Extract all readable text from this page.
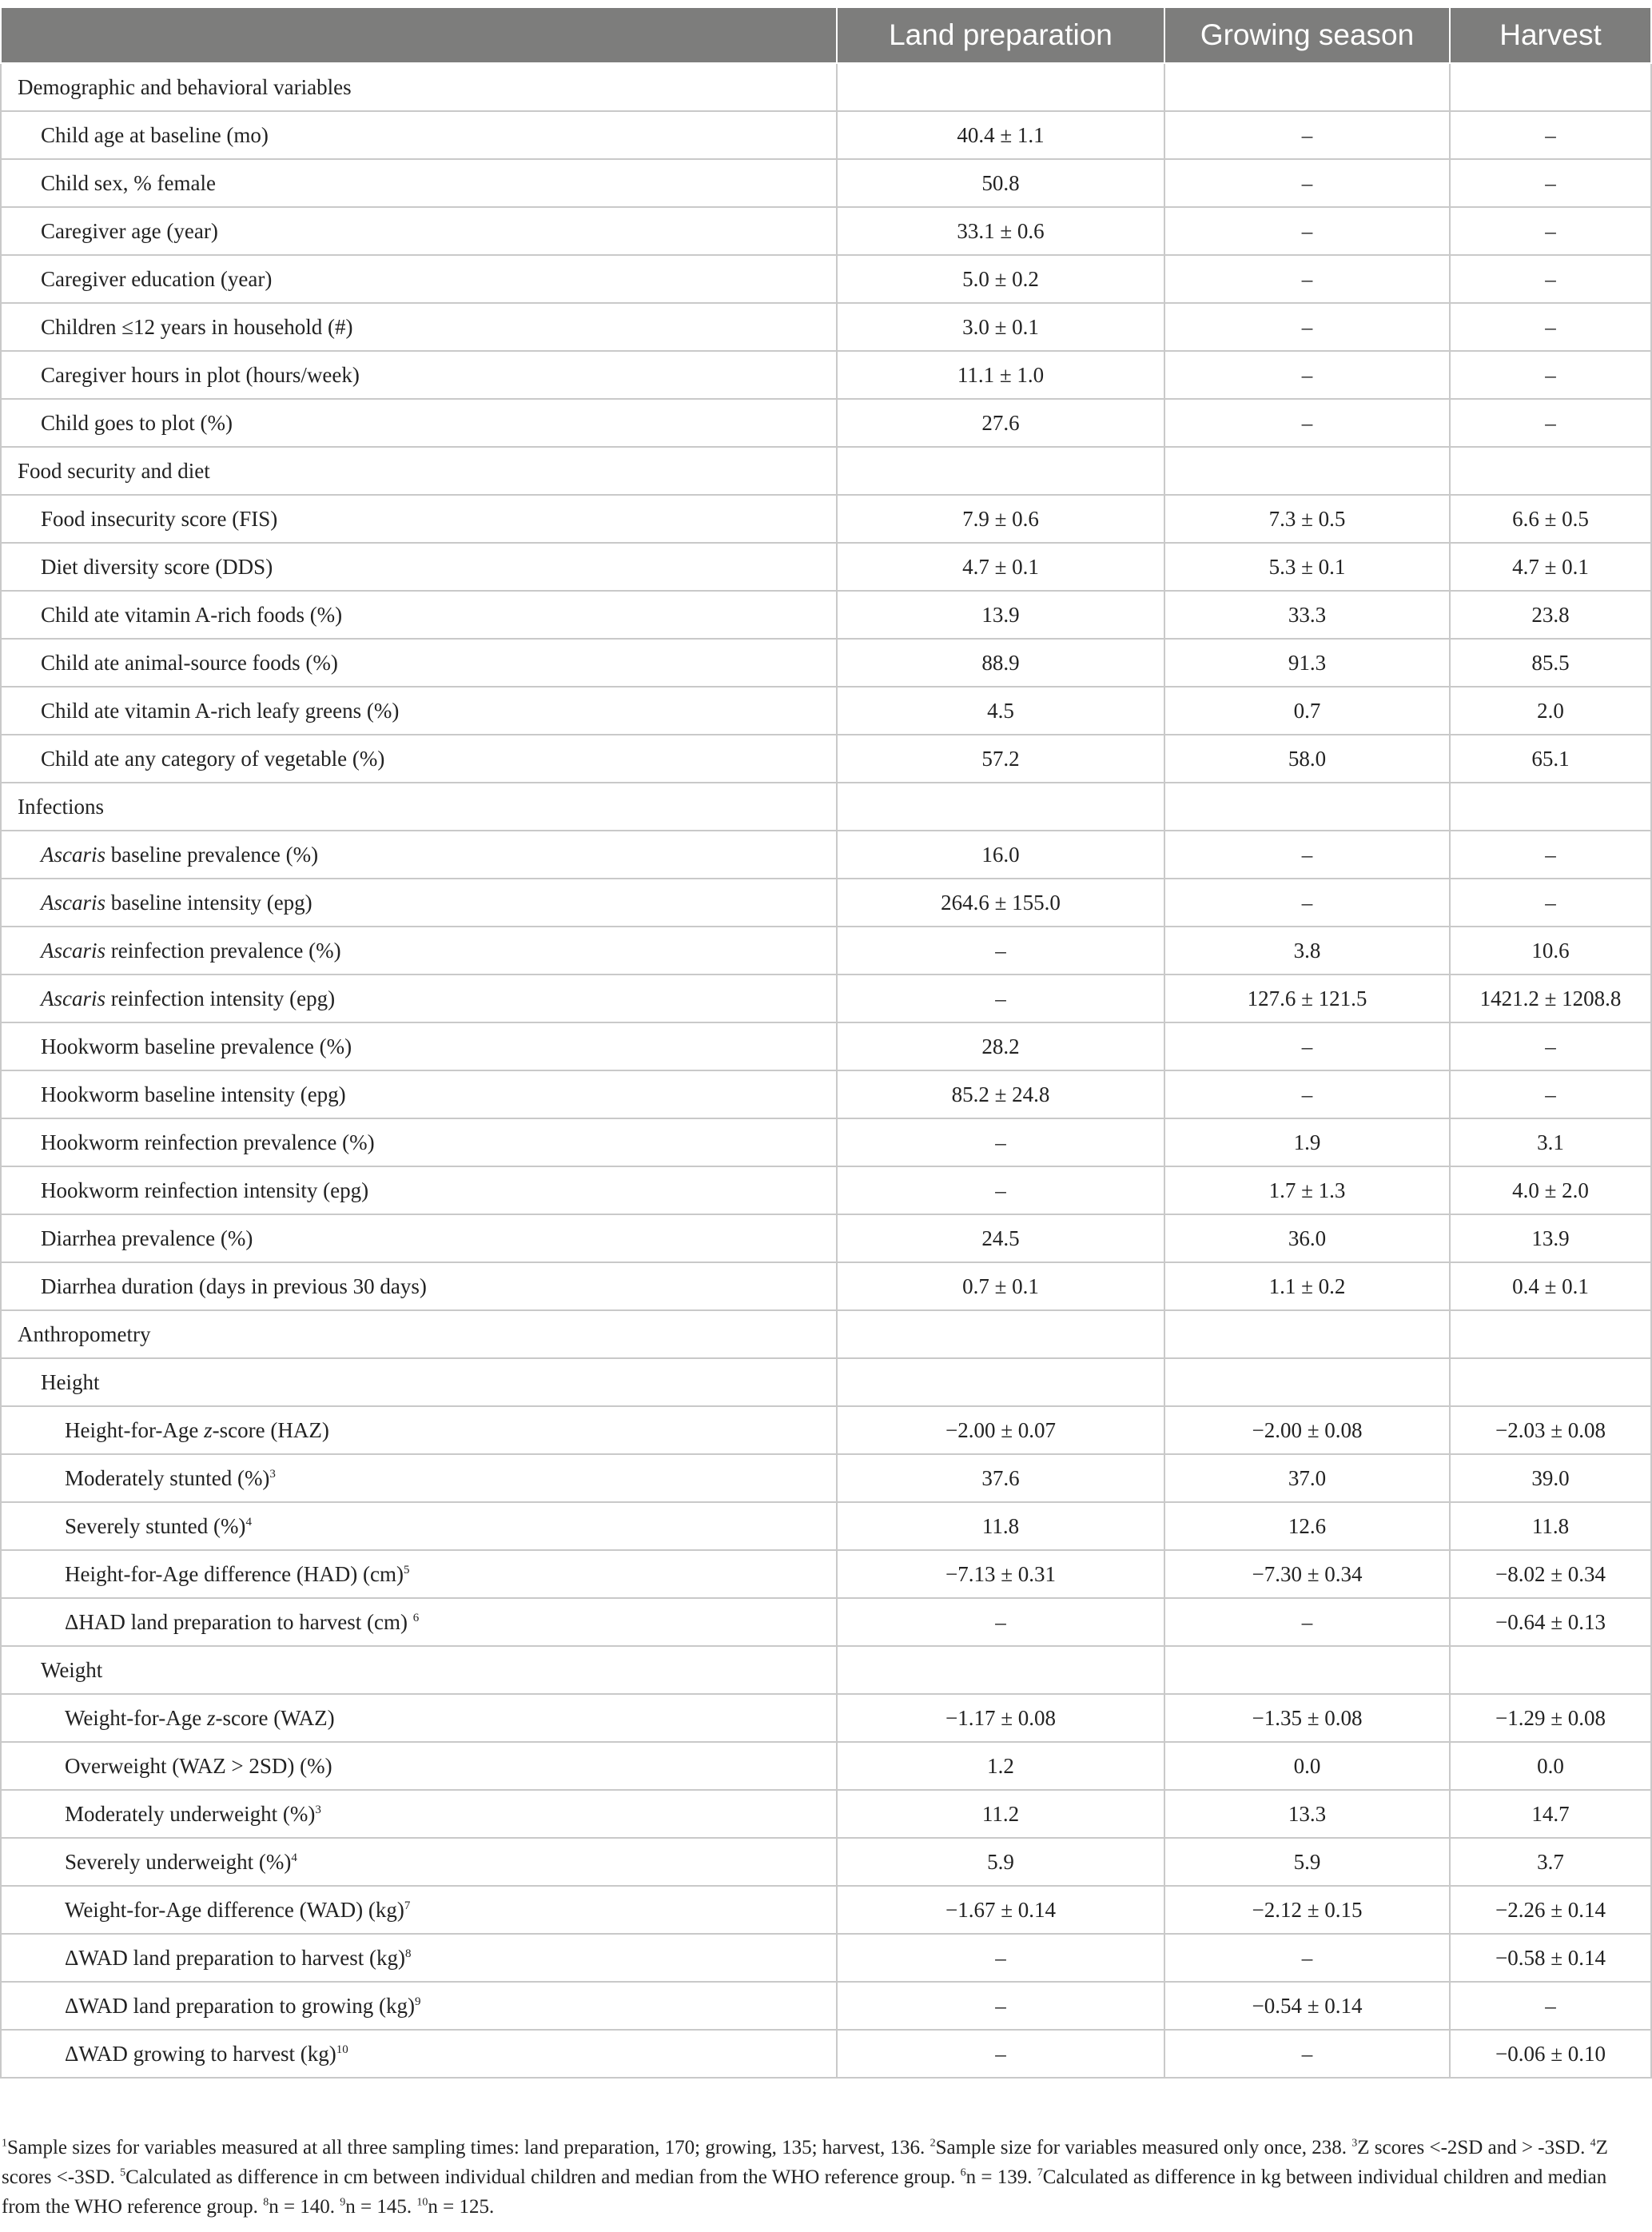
	Land preparation	Growing season	Harvest
Demographic and behavioral variables			
Child age at baseline (mo)	40.4 ± 1.1	–	–
Child sex, % female	50.8	–	–
Caregiver age (year)	33.1 ± 0.6	–	–
Caregiver education (year)	5.0 ± 0.2	–	–
Children ≤12 years in household (#)	3.0 ± 0.1	–	–
Caregiver hours in plot (hours/week)	11.1 ± 1.0	–	–
Child goes to plot (%)	27.6	–	–
Food security and diet			
Food insecurity score (FIS)	7.9 ± 0.6	7.3 ± 0.5	6.6 ± 0.5
Diet diversity score (DDS)	4.7 ± 0.1	5.3 ± 0.1	4.7 ± 0.1
Child ate vitamin A-rich foods (%)	13.9	33.3	23.8
Child ate animal-source foods (%)	88.9	91.3	85.5
Child ate vitamin A-rich leafy greens (%)	4.5	0.7	2.0
Child ate any category of vegetable (%)	57.2	58.0	65.1
Infections			
Ascaris baseline prevalence (%)	16.0	–	–
Ascaris baseline intensity (epg)	264.6 ± 155.0	–	–
Ascaris reinfection prevalence (%)	–	3.8	10.6
Ascaris reinfection intensity (epg)	–	127.6 ± 121.5	1421.2 ± 1208.8
Hookworm baseline prevalence (%)	28.2	–	–
Hookworm baseline intensity (epg)	85.2 ± 24.8	–	–
Hookworm reinfection prevalence (%)	–	1.9	3.1
Hookworm reinfection intensity (epg)	–	1.7 ± 1.3	4.0 ± 2.0
Diarrhea prevalence (%)	24.5	36.0	13.9
Diarrhea duration (days in previous 30 days)	0.7 ± 0.1	1.1 ± 0.2	0.4 ± 0.1
Anthropometry			
Height			
Height-for-Age z-score (HAZ)	−2.00 ± 0.07	−2.00 ± 0.08	−2.03 ± 0.08
Moderately stunted (%)$^3$	37.6	37.0	39.0
Severely stunted (%)$^4$	11.8	12.6	11.8
Height-for-Age difference (HAD) (cm)$^5$	−7.13 ± 0.31	−7.30 ± 0.34	−8.02 ± 0.34
ΔHAD land preparation to harvest (cm) $^6$	–	–	−0.64 ± 0.13
Weight			
Weight-for-Age z-score (WAZ)	−1.17 ± 0.08	−1.35 ± 0.08	−1.29 ± 0.08
Overweight (WAZ > 2SD) (%)	1.2	0.0	0.0
Moderately underweight (%)$^3$	11.2	13.3	14.7
Severely underweight (%)$^4$	5.9	5.9	3.7
Weight-for-Age difference (WAD) (kg)$^7$	−1.67 ± 0.14	−2.12 ± 0.15	−2.26 ± 0.14
ΔWAD land preparation to harvest (kg)$^8$	–	–	−0.58 ± 0.14
ΔWAD land preparation to growing (kg)$^9$	–	−0.54 ± 0.14	–
ΔWAD growing to harvest (kg)$^{10}$	–	–	−0.06 ± 0.10
$^1$Sample sizes for variables measured at all three sampling times: land preparation, 170; growing, 135; harvest, 136. $^2$Sample size for variables measured only once, 238. $^3$Z scores <-2SD and > -3SD. $^4$Z scores <-3SD. $^5$Calculated as difference in cm between individual children and median from the WHO reference group. $^6$n = 139. $^7$Calculated as difference in kg between individual children and median from the WHO reference group. $^8$n = 140. $^9$n = 145. $^{10}$n = 125.
